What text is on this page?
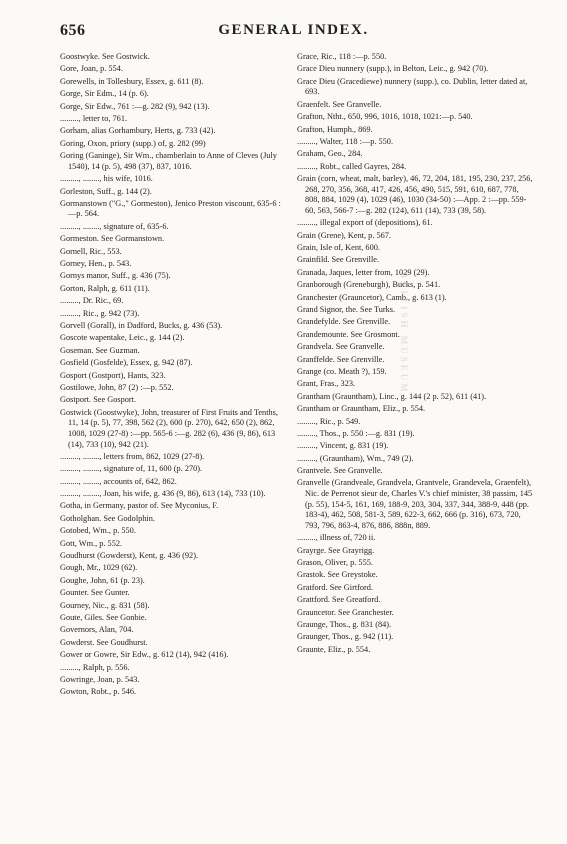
656	GENERAL INDEX.
Goostwyke. See Gostwick.
Gore, Joan, p. 554.
Gorewells, in Tollesbury, Essex, g. 611 (8).
Gorge, Sir Edm., 14 (p. 6).
Gorge, Sir Edw., 761 :—g. 282 (9), 942 (13).
........., letter to, 761.
Gorham, alias Gorhambury, Herts, g. 733 (42).
Goring, Oxon, priory (supp.) of, g. 282 (99)
Goring (Ganinge), Sir Wm., chamberlain to Anne of Cleves (July 1540), 14 (p. 5), 498 (37), 837, 1016.
........., ........, his wife, 1016.
Gorleston, Suff., g. 144 (2).
Gormanstown ("G.," Gormeston), Jenico Preston viscount, 635-6 :—p. 564.
........., ........, signature of, 635-6.
Gormeston. See Gormanstown.
Gornell, Ric., 553.
Gorney, Hen., p. 543.
Gornys manor, Suff., g. 436 (75).
Gorton, Ralph, g. 611 (11).
........., Dr. Ric., 69.
........., Ric., g. 942 (73).
Gorvell (Gorall), in Dadford, Bucks, g. 436 (53).
Goscote wapentake, Leic., g. 144 (2).
Goseman. See Guzman.
Gosfield (Gosfelde), Essex, g. 942 (87).
Gosport (Gostport), Hants, 323.
Gostilowe, John, 87 (2) :—p. 552.
Gostport. See Gosport.
Gostwick (Goostwyke), John, treasurer of First Fruits and Tenths, 11, 14 (p. 5), 77, 398, 562 (2), 600 (p. 270), 642, 650 (2), 862, 1008, 1029 (27-8) :—pp. 565-6 :—g. 282 (6), 436 (9, 86), 613 (14), 733 (10), 942 (21).
........., ........, letters from, 862, 1029 (27-8).
........., ........, signature of, 11, 600 (p. 270).
........., ........, accounts of, 642, 862.
........., ........, Joan, his wife, g. 436 (9, 86), 613 (14), 733 (10).
Gotha, in Germany, pastor of. See Myconius, F.
Gotholghan. See Godolphin.
Gotobed, Wm., p. 550.
Gott, Wm., p. 552.
Goudhurst (Gowderst), Kent, g. 436 (92).
Gough, Mr., 1029 (62).
Goughe, John, 61 (p. 23).
Gounter. See Gunter.
Gourney, Nic., g. 831 (58).
Goute, Giles. See Gonbie.
Governors, Alan, 704.
Gowderst. See Goudhurst.
Gower or Gowre, Sir Edw., g. 612 (14), 942 (416).
........., Ralph, p. 556.
Gowringe, Joan, p. 543.
Gowton, Robt., p. 546.
Grace, Ric., 118 :—p. 550.
Grace Dieu nunnery (supp.), in Belton, Leic., g. 942 (70).
Grace Dieu (Gracediewe) nunnery (supp.), co. Dublin, letter dated at, 693.
Graenfelt. See Granvelle.
Grafton, Ntht., 650, 996, 1016, 1018, 1021:—p. 540.
Grafton, Humph., 869.
........., Walter, 118 :—p. 550.
Graham, Geo., 284.
........., Robt., called Gayres, 284.
Grain (corn, wheat, malt, barley), 46, 72, 204, 181, 195, 230, 237, 256, 268, 270, 356, 368, 417, 426, 456, 490, 515, 591, 610, 687, 778, 808, 884, 1029 (4), 1029 (46), 1030 (34-50) :—App. 2 :—pp. 559-60, 563, 566-7 :—g. 282 (124), 611 (14), 733 (39, 58).
........., illegal export of (depositions), 61.
Grain (Grene), Kent, p. 567.
Grain, Isle of, Kent, 600.
Grainfild. See Grenville.
Granada, Jaques, letter from, 1029 (29).
Granborough (Greneburgh), Bucks, p. 541.
Granchester (Grauncetor), Camb., g. 613 (1).
Grand Signor, the. See Turks.
Grandefylde. See Grenville.
Grandemounte. See Grosmont.
Grandvela. See Granvelle.
Granffelde. See Grenville.
Grange (co. Meath ?), 159.
Grant, Fras., 323.
Grantham (Grauntham), Linc., g. 144 (2 p. 52), 611 (41).
Grantham or Grauntham, Eliz., p. 554.
........., Ric., p. 549.
........., Thos., p. 550 :—g. 831 (19).
........., Vincent, g. 831 (19).
........., (Grauntham), Wm., 749 (2).
Grantvele. See Granvelle.
Granvelle (Grandveale, Grandvela, Grantvele, Grandevela, Graenfelt), Nic. de Perrenot sieur de, Charles V.'s chief minister, 38 passim, 145 (p. 55), 154-5, 161, 169, 188-9, 203, 304, 337, 344, 388-9, 448 (pp. 183-4), 462, 508, 581-3, 589, 622-3, 662, 666 (p. 316), 673, 720, 793, 796, 863-4, 876, 886, 888n, 889.
........., illness of, 720 ii.
Grayrge. See Grayrigg.
Grason, Oliver, p. 555.
Grastok. See Greystoke.
Gratford. See Girtford.
Grattford. See Greatford.
Grauncetor. See Granchester.
Graunge, Thos., g. 831 (84).
Graunger, Thos., g. 942 (11).
Graunte, Eliz., p. 554.
BRITISH MUSEUM
